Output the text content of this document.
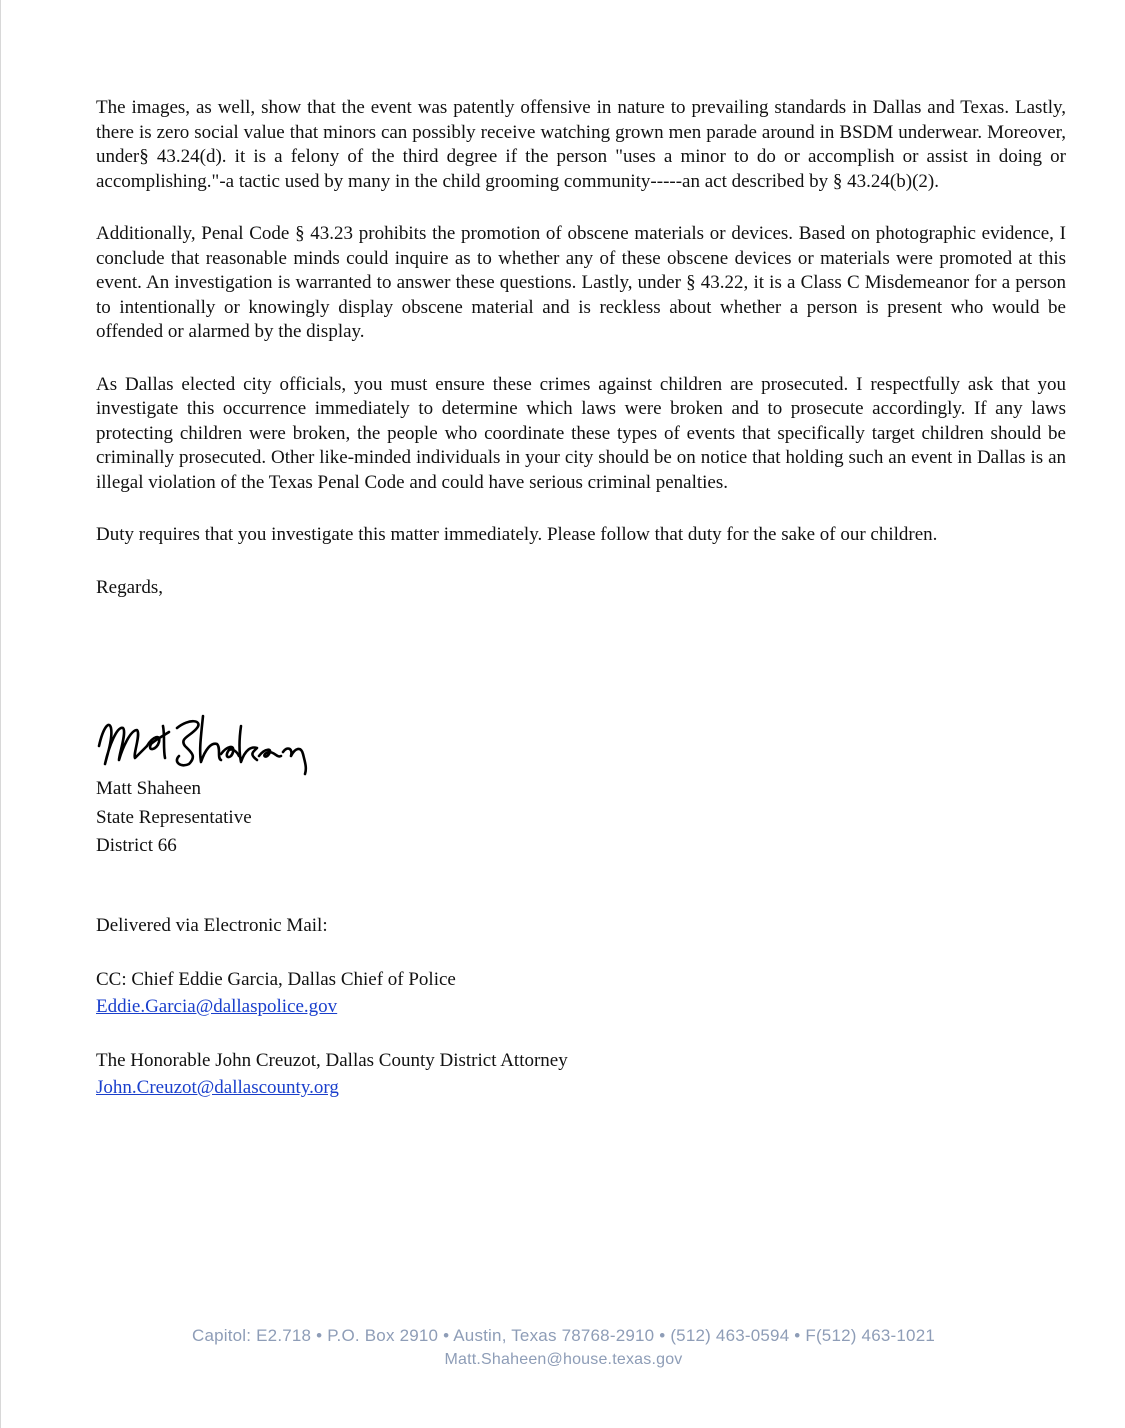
The images, as well, show that the event was patently offensive in nature to prevailing standards in Dallas and Texas. Lastly, there is zero social value that minors can possibly receive watching grown men parade around in BSDM underwear. Moreover, under§ 43.24(d). it is a felony of the third degree if the person "uses a minor to do or accomplish or assist in doing or accomplishing."-a tactic used by many in the child grooming community-----an act described by § 43.24(b)(2).

Additionally, Penal Code § 43.23 prohibits the promotion of obscene materials or devices. Based on photographic evidence, I conclude that reasonable minds could inquire as to whether any of these obscene devices or materials were promoted at this event. An investigation is warranted to answer these questions. Lastly, under § 43.22, it is a Class C Misdemeanor for a person to intentionally or knowingly display obscene material and is reckless about whether a person is present who would be offended or alarmed by the display.

As Dallas elected city officials, you must ensure these crimes against children are prosecuted. I respectfully ask that you investigate this occurrence immediately to determine which laws were broken and to prosecute accordingly. If any laws protecting children were broken, the people who coordinate these types of events that specifically target children should be criminally prosecuted. Other like-minded individuals in your city should be on notice that holding such an event in Dallas is an illegal violation of the Texas Penal Code and could have serious criminal penalties.

Duty requires that you investigate this matter immediately. Please follow that duty for the sake of our children.

Regards,

Matt Shaheen
State Representative
District 66
Delivered via Electronic Mail:
CC: Chief Eddie Garcia, Dallas Chief of Police
Eddie.Garcia@dallaspolice.gov
The Honorable John Creuzot, Dallas County District Attorney
John.Creuzot@dallascounty.org
Capitol: E2.718 • P.O. Box 2910 • Austin, Texas 78768-2910 • (512) 463-0594 • F(512) 463-1021
Matt.Shaheen@house.texas.gov
